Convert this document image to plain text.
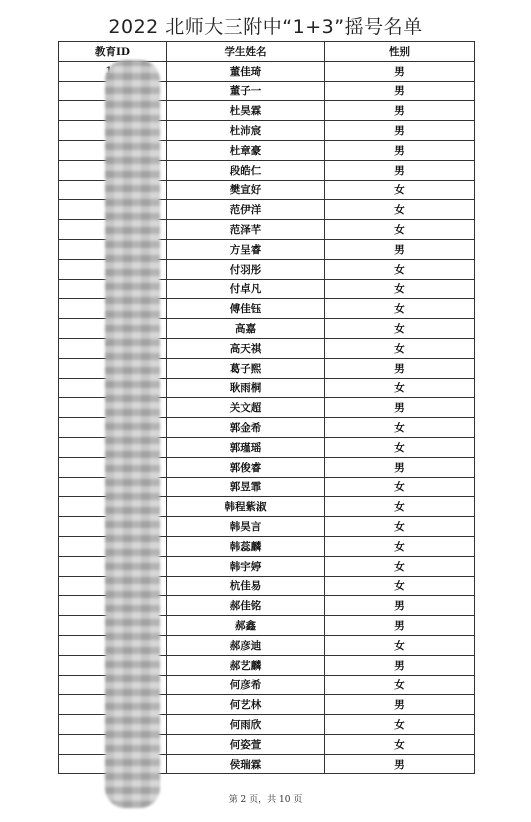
2022 北师大三附中“1+3”摇号名单
教育ID	学生姓名	性别
	董佳琦	男
	董子一	男
	杜昊霖	男
	杜沛宸	男
	杜章豪	男
	段皓仁	男
	樊宣好	女
	范伊洋	女
	范泽芊	女
	方呈睿	男
	付羽彤	女
	付卓凡	女
	傅佳钰	女
	高嘉	女
	高天祺	女
	葛子熙	男
	耿雨桐	女
	关文超	男
	郭金希	女
	郭瑾瑶	女
	郭俊睿	男
	郭昱霏	女
	韩程紫淑	女
	韩昊言	女
	韩蕊麟	女
	韩宇婷	女
	杭佳易	女
	郝佳铭	男
	郝鑫	男
	郝彦迪	女
	郝艺麟	男
	何彦希	女
	何艺林	男
	何雨欣	女
	何姿萱	女
	侯瑞霖	男
第 2 页，共 10 页
